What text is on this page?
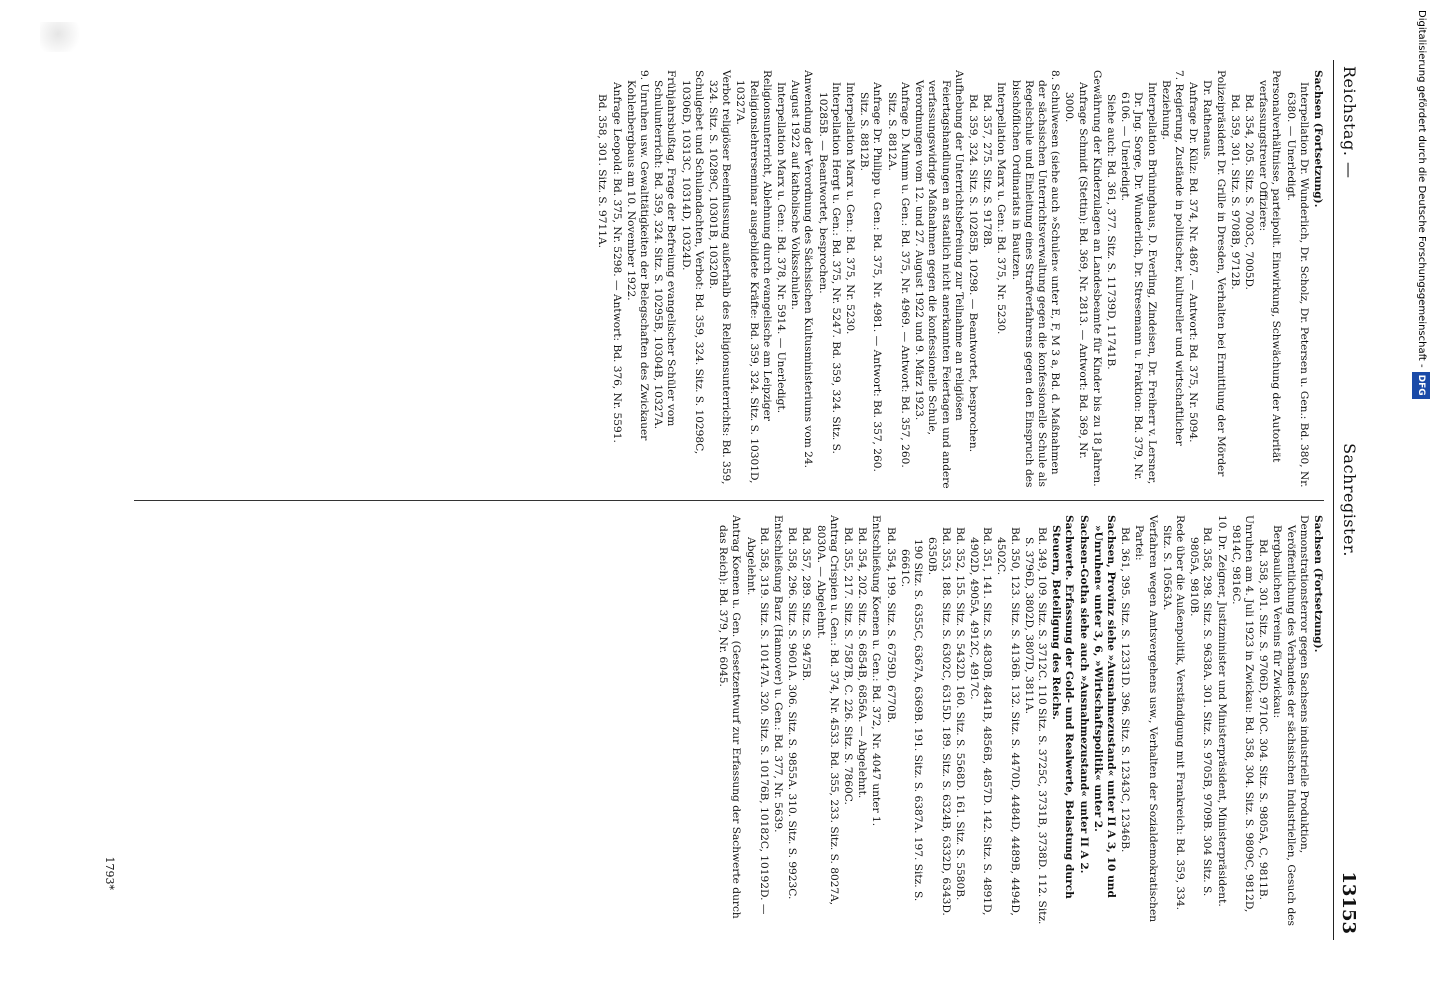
Reichstag. —
Sachregister.
13153

Sachsen (Fortsetzung).

Interpellation Dr. Wunderlich, Dr. Scholz, Dr. Petersen u. Gen.: Bd. 380, Nr. 6380. — Unerledigt.

Personalverhältnisse, parteipolit. Einwirkung, Schwächung der Autorität verfassungstreuer Offiziere:

Bd. 354, 205. Sitz. S. 7003C, 7005D.

Bd. 359, 301. Sitz. S. 9708B, 9712B.

Polizeipräsident Dr. Grille in Dresden, Verhalten bei Ermittlung der Mörder Dr. Rathenaus.

Anfrage Dr. Külz: Bd. 374, Nr. 4867. — Antwort: Bd. 375, Nr. 5094.

7. Regierung, Zustände in politischer, kultureller und wirtschaftlicher Beziehung.

Interpellation Brüninghaus, D. Everling, Zindeisen, Dr. Freiherr v. Lersner, Dr. Jng. Sorge, Dr. Wunderlich, Dr. Stresemann u. Fraktion: Bd. 379, Nr. 6106. — Unerledigt.

Siehe auch: Bd. 361, 377. Sitz. S. 11739D, 11741B.

Gewährung der Kinderzulagen an Landesbeamte für Kinder bis zu 18 Jahren.

Anfrage Schmidt (Stettin): Bd. 369, Nr. 2813. — Antwort: Bd. 369, Nr. 3000.

8. Schulwesen (siehe auch »Schulen« unter E, F, M 3 a, Bd. d. Maßnahmen der sächsischen Unterrichtsverwaltung gegen die konfessionelle Schule als Regelschule und Einleitung eines Strafverfahrens gegen den Einspruch des bischöflichen Ordinariats in Bautzen.

Interpellation Marx u. Gen.: Bd. 375, Nr. 5230.

Bd. 357, 275. Sitz. S. 9178B.

Bd. 359, 324. Sitz. S. 10285B, 10298. — Beantwortet, besprochen.

Aufhebung der Unterrichtsbefreiung zur Teilnahme an religiösen Feiertagshandlungen an staatlich nicht anerkannten Feiertagen und andere verfassungswidrige Maßnahmen gegen die konfessionelle Schule, Verordnungen vom 12. und 27. August 1922 und 9. März 1923.

Anfrage D. Mumm u. Gen.: Bd. 375, Nr. 4969. — Antwort: Bd. 357, 260. Sitz. S. 8812A.

Anfrage Dr. Philipp u. Gen.: Bd. 375, Nr. 4981. — Antwort: Bd. 357, 260. Sitz. S. 8812B.

Interpellation Marx u. Gen.: Bd. 375, Nr. 5230.

Interpellation Hergt u. Gen.: Bd. 375, Nr. 5247. Bd. 359, 324. Sitz. S. 10285B. — Beantwortet, besprochen.

Anwendung der Verordnung des Sächsischen Kultusministeriums vom 24. August 1922 auf katholische Volksschulen.

Interpellation Marx u. Gen.: Bd. 378, Nr. 5914. — Unerledigt.

Religionsunterricht, Ablehnung durch evangelische am Leipziger Religionslehrerseminar ausgebildete Kräfte: Bd. 359, 324. Sitz. S. 10301D, 10327A.

Verbot religiöser Beeinflussung außerhalb des Religionsunterrichts: Bd. 359, 324. Sitz. S. 10289C, 10301B, 10320B.

Schulgebet und Schulandachten, Verbot: Bd. 359, 324. Sitz. S. 10298C, 10306D, 10313C, 10314D, 10324D.

Frühjahrsbußtag, Frage der Befreiung evangelischer Schüler vom Schulunterricht: Bd. 359, 324. Sitz. S. 10295B, 10304B, 10327A.

9. Unruhen usw. Gewalttätigkeiten der Belegschaften des Zwickauer Kohlenbergbaus am 10. November 1922.

Anfrage Leopold: Bd. 375, Nr. 5298. — Antwort: Bd. 376, Nr. 5591.

Bd. 358, 301. Sitz. S. 9711A.

Sachsen (Fortsetzung).

Demonstrationsterror gegen Sachsens industrielle Produktion, Veröffentlichung des Verbandes der sächsischen Industriellen, Gesuch des Bergbaulichen Vereins für Zwickau:

Bd. 358, 301. Sitz. S. 9706D, 9710C. 304. Sitz. S. 9805A, C, 9811B.

Unruhen am 4. Juli 1923 in Zwickau: Bd. 358, 304. Sitz. S. 9809C, 9812D, 9814C, 9816C.

10. Dr. Zeigner, Justizminister und Ministerpräsident, Ministerpräsident.

Bd. 358, 298. Sitz. S. 9638A. 301. Sitz. S. 9705B, 9709B. 304 Sitz. S. 9805A, 9810B.

Rede über die Außenpolitik, Verständigung mit Frankreich: Bd. 359, 334. Sitz. S. 10563A.

Verfahren wegen Amtsvergehens usw., Verhalten der Sozialdemokratischen Partei:

Bd. 361, 395. Sitz. S. 12331D. 396. Sitz. S. 12343C, 12346B.

Sachsen, Provinz siehe »Ausnahmezustand« unter II A 3, 10 und »Unruhen« unter 3, 6, »Wirtschaftspolitik« unter 2.

Sachsen-Gotha siehe auch »Ausnahmezustand« unter II A 2.

Sachwerte. Erfassung der Gold- und Realwerte, Belastung durch Steuern, Beteiligung des Reichs.

Bd. 349, 109. Sitz. S. 3712C. 110 Sitz. S. 3725C, 3731B, 3738D. 112. Sitz. S. 3796D, 3802D, 3807D, 3811A.

Bd. 350, 123. Sitz. S. 4136B. 132. Sitz. S. 4470D, 4484D, 4489B, 4494D, 4502C.

Bd. 351, 141. Sitz. S. 4830B, 4841B, 4856B, 4857D. 142. Sitz. S. 4891D, 4902D, 4905A, 4912C, 4917C.

Bd. 352, 155. Sitz. S. 5432D. 160. Sitz. S. 5568D. 161. Sitz. S. 5580B.

Bd. 353, 188. Sitz. S. 6302C, 6315D. 189. Sitz. S. 6324B, 6332D, 6343D. 6350B.

190 Sitz. S. 6355C, 6367A, 6369B. 191. Sitz. S. 6387A. 197. Sitz. S. 6661C.

Bd. 354, 199. Sitz. S. 6759D, 6770B.

Entschließung Koenen u. Gen.: Bd. 372, Nr. 4047 unter 1.

Bd. 354, 202. Sitz. S. 6854B, 6856A. — Abgelehnt.

Bd. 355, 217. Sitz. S. 7587B, C. 226. Sitz. S. 7860C.

Antrag Crispien u. Gen.: Bd. 374, Nr. 4533. Bd. 355, 233. Sitz. S. 8027A, 8030A. — Abgelehnt.

Bd. 357, 289. Sitz. S. 9475B.

Bd. 358, 296. Sitz. S. 9601A. 306. Sitz. S. 9855A. 310. Sitz. S. 9923C.

Entschließung Barz (Hannover) u. Gen.: Bd. 377, Nr. 5639.

Bd. 358, 319. Sitz. S. 10147A. 320. Sitz. S. 10176B, 10182C, 10192D. — Abgelehnt.

Antrag Koenen u. Gen. (Gesetzentwurf zur Erfassung der Sachwerte durch das Reich): Bd. 379, Nr. 6045.

1793*
Digitalisierung gefördert durch die Deutsche Forschungsgemeinschaft -DFG
